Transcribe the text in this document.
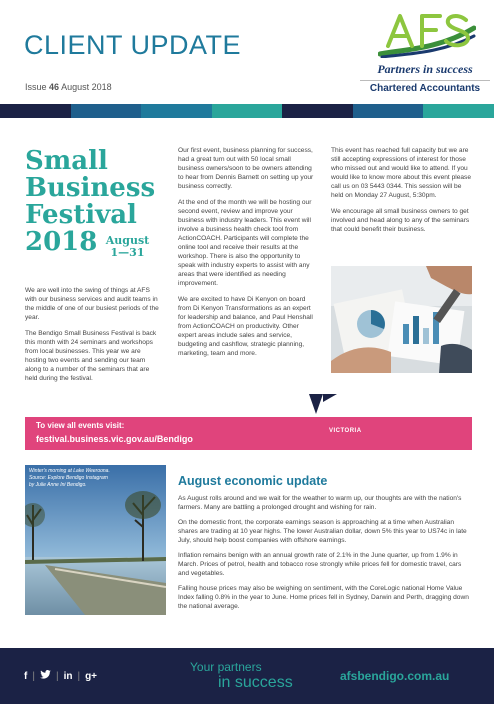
CLIENT UPDATE
Issue 46 August 2018
Partners in success
Chartered Accountants
Small
Business
Festival
2018 August
1—31

We are well into the swing of things at AFS with our business services and audit teams in the middle of one of our busiest periods of the year.

The Bendigo Small Business Festival is back this month with 24 seminars and workshops from local businesses. This year we are hosting two events and sending our team along to a number of the seminars that are held during the festival.

Our first event, business planning for success, had a great turn out with 50 local small business owners/soon to be owners attending to hear from Dennis Barnett on setting up your business correctly.

At the end of the month we will be hosting our second event, review and improve your business with industry leaders. This event will involve a business health check tool from ActionCOACH. Participants will complete the online tool and receive their results at the workshop. There is also the opportunity to speak with industry experts to assist with any areas that were identified as needing improvement.

We are excited to have Di Kenyon on board from Di Kenyon Transformations as an expert for leadership and balance, and Paul Henshall from ActionCOACH on productivity. Other expert areas include sales and service, budgeting and cashflow, strategic planning, marketing, team and more.

This event has reached full capacity but we are still accepting expressions of interest for those who missed out and would like to attend. If you would like to know more about this event please call us on 03 5443 0344. This session will be held on Monday 27 August, 5:30pm.

We encourage all small business owners to get involved and head along to any of the seminars that could benefit their business.

To view all events visit:
festival.business.vic.gov.au/Bendigo
VICTORIA
Winter's morning at Lake Weeroona.
Source: Explore Bendigo Instagram
by Julie Anne Ini Bendigo.	August economic update

As August rolls around and we wait for the weather to warm up, our thoughts are with the nation's farmers. Many are battling a prolonged drought and wishing for rain.

On the domestic front, the corporate earnings season is approaching at a time when Australian shares are trading at 10 year highs. The lower Australian dollar, down 5% this year to US74c in late July, should help boost companies with offshore earnings.

Inflation remains benign with an annual growth rate of 2.1% in the June quarter, up from 1.9% in March. Prices of petrol, health and tobacco rose strongly while prices fell for domestic travel, cars and vegetables.

Falling house prices may also be weighing on sentiment, with the CoreLogic national Home Value Index falling 0.8% in the year to June. Home prices fell in Sydney, Darwin and Perth, dragging down the national average.

f | | in | g+
Your partners
in success	afsbendigo.com.au
